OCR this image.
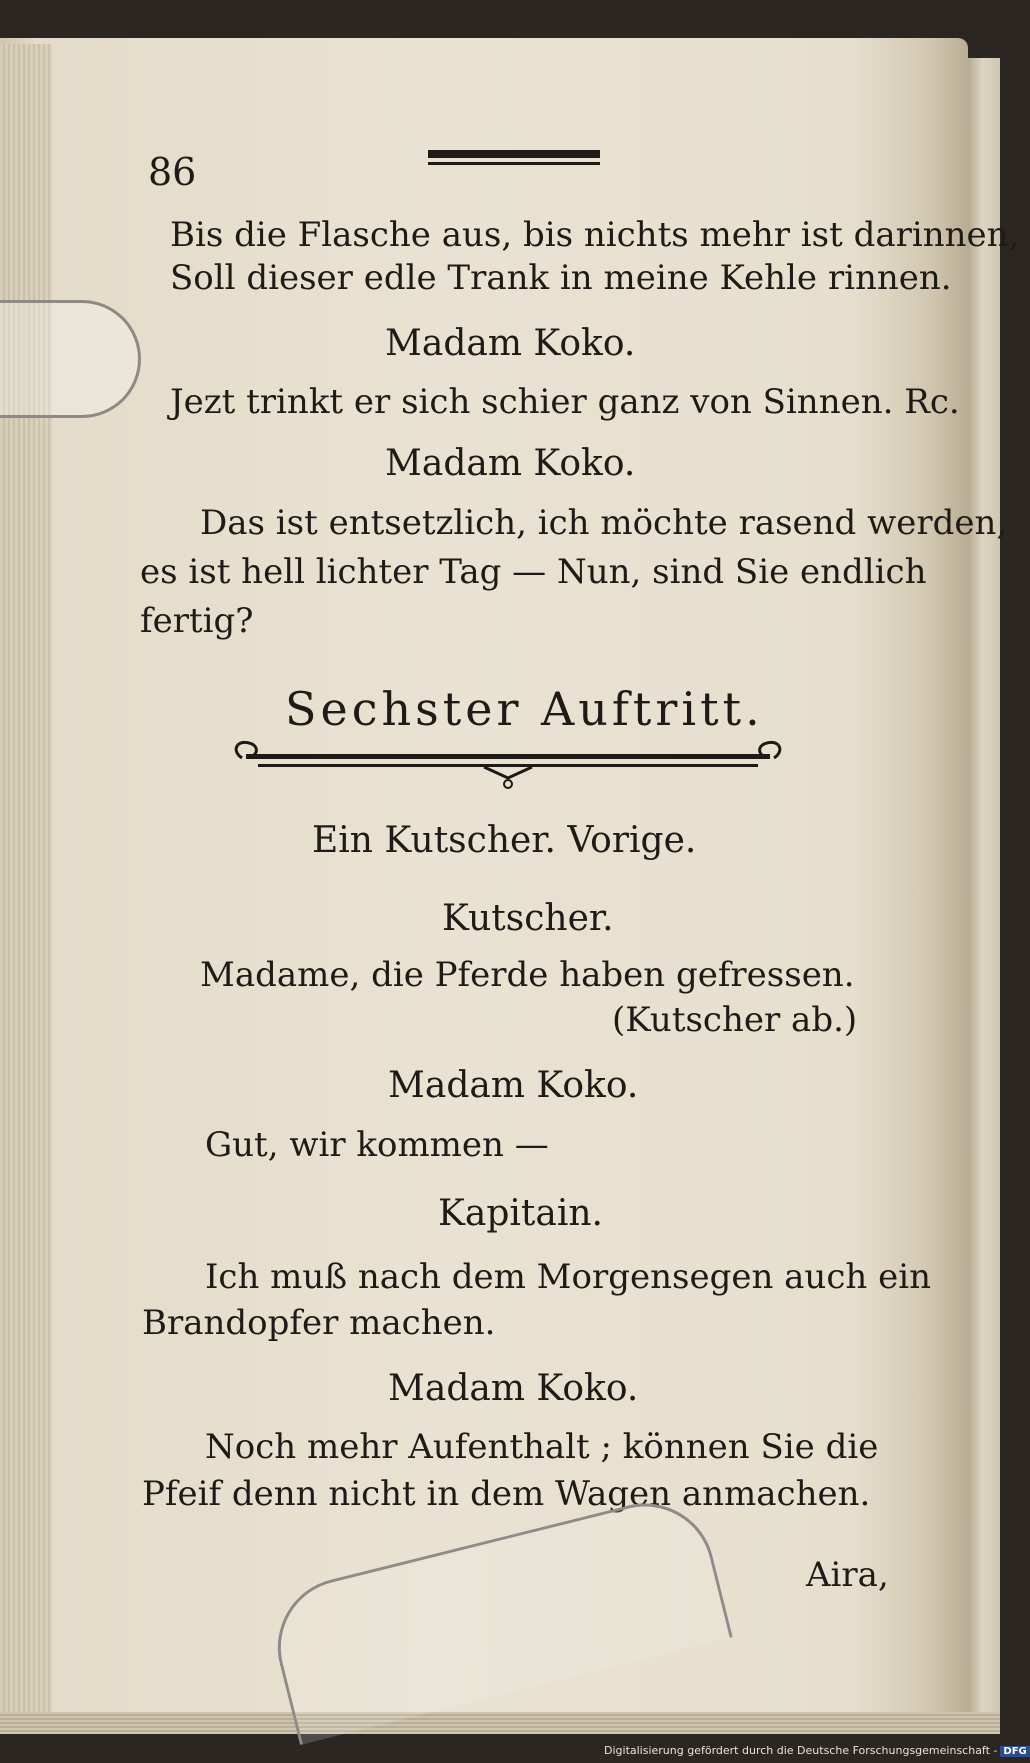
86
Bis die Flasche aus, bis nichts mehr ist darinnen,
Soll dieser edle Trank in meine Kehle rinnen.
Madam Koko.
Jezt trinkt er sich schier ganz von Sinnen. Rc.
Madam Koko.
Das ist entsetzlich, ich möchte rasend werden,
es ist hell lichter Tag — Nun, sind Sie endlich
fertig?
Sechster Auftritt.
Ein Kutscher. Vorige.
Kutscher.
Madame, die Pferde haben gefressen.
(Kutscher ab.)
Madam Koko.
Gut, wir kommen —
Kapitain.
Ich muß nach dem Morgensegen auch ein
Brandopfer machen.
Madam Koko.
Noch mehr Aufenthalt ; können Sie die
Pfeif denn nicht in dem Wagen anmachen.
Aira,
Digitalisierung gefördert durch die Deutsche Forschungsgemeinschaft - DFG
